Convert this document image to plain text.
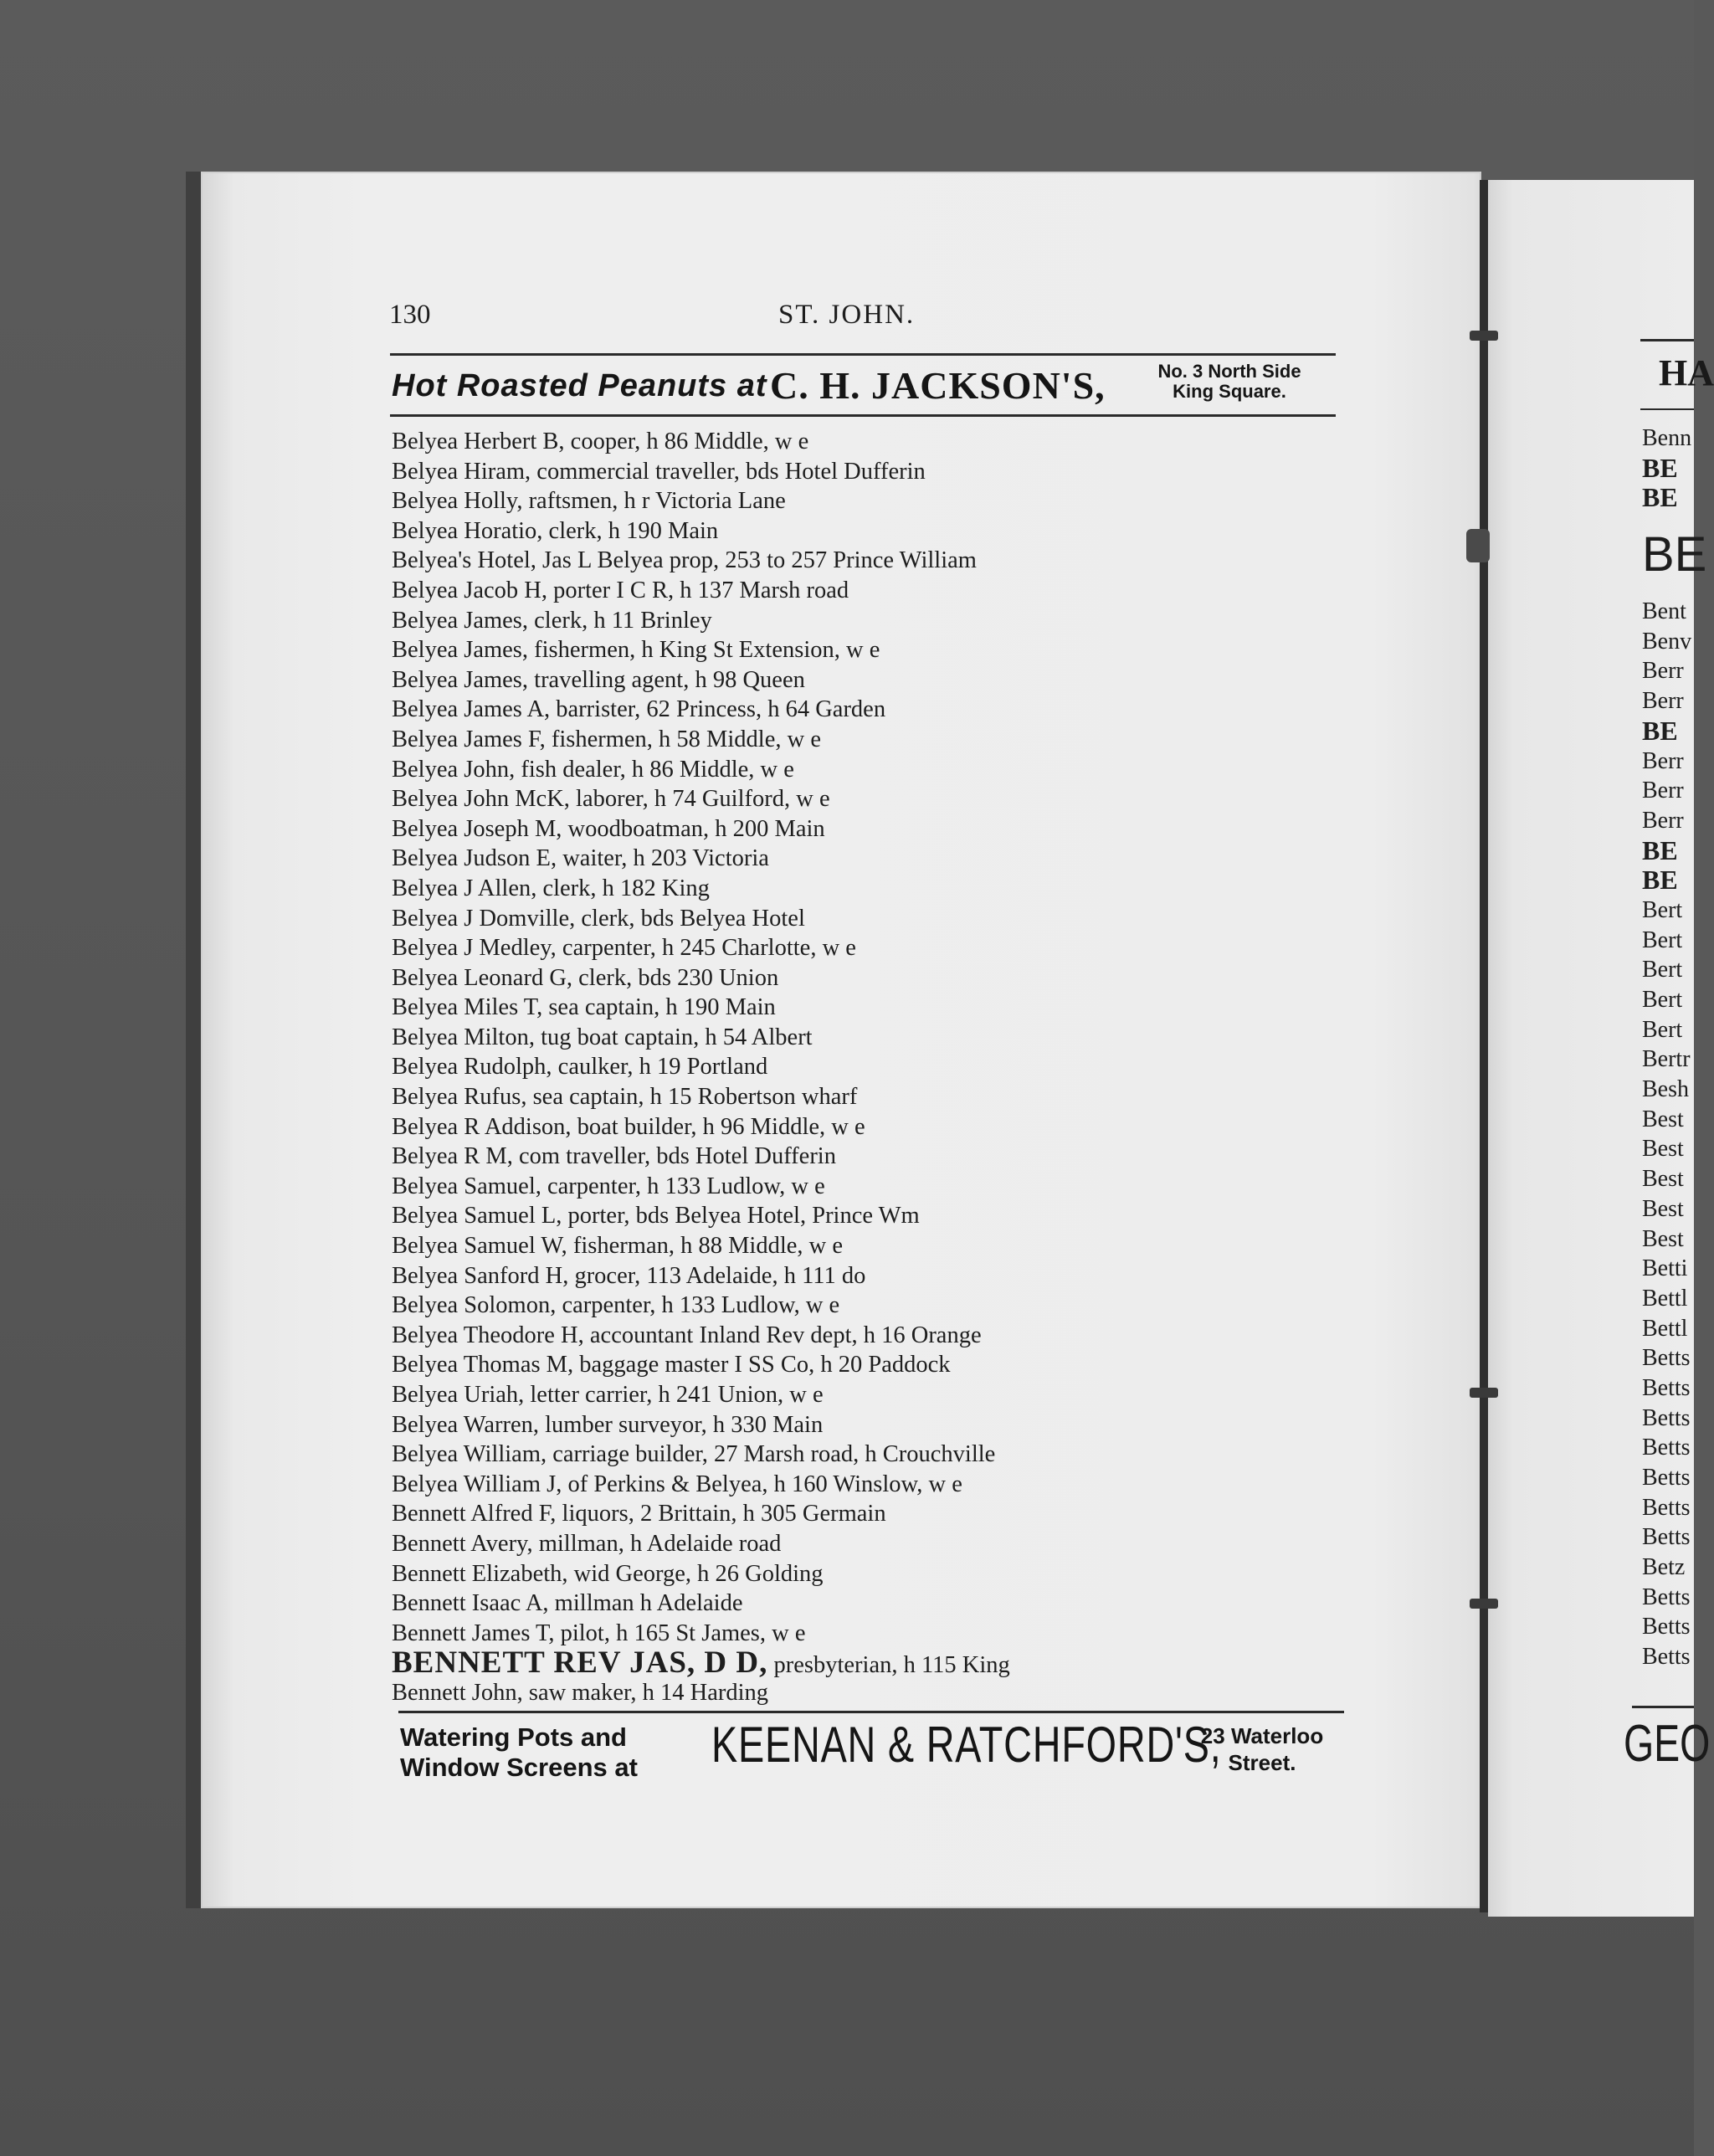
130	ST. JOHN.
Hot Roasted Peanuts at C. H. JACKSON'S,	No. 3 North Side
King Square.
Belyea Herbert B, cooper, h 86 Middle, w e
Belyea Hiram, commercial traveller, bds Hotel Dufferin
Belyea Holly, raftsmen, h r Victoria Lane
Belyea Horatio, clerk, h 190 Main
Belyea's Hotel, Jas L Belyea prop, 253 to 257 Prince William
Belyea Jacob H, porter I C R, h 137 Marsh road
Belyea James, clerk, h 11 Brinley
Belyea James, fishermen, h King St Extension, w e
Belyea James, travelling agent, h 98 Queen
Belyea James A, barrister, 62 Princess, h 64 Garden
Belyea James F, fishermen, h 58 Middle, w e
Belyea John, fish dealer, h 86 Middle, w e
Belyea John McK, laborer, h 74 Guilford, w e
Belyea Joseph M, woodboatman, h 200 Main
Belyea Judson E, waiter, h 203 Victoria
Belyea J Allen, clerk, h 182 King
Belyea J Domville, clerk, bds Belyea Hotel
Belyea J Medley, carpenter, h 245 Charlotte, w e
Belyea Leonard G, clerk, bds 230 Union
Belyea Miles T, sea captain, h 190 Main
Belyea Milton, tug boat captain, h 54 Albert
Belyea Rudolph, caulker, h 19 Portland
Belyea Rufus, sea captain, h 15 Robertson wharf
Belyea R Addison, boat builder, h 96 Middle, w e
Belyea R M, com traveller, bds Hotel Dufferin
Belyea Samuel, carpenter, h 133 Ludlow, w e
Belyea Samuel L, porter, bds Belyea Hotel, Prince Wm
Belyea Samuel W, fisherman, h 88 Middle, w e
Belyea Sanford H, grocer, 113 Adelaide, h 111 do
Belyea Solomon, carpenter, h 133 Ludlow, w e
Belyea Theodore H, accountant Inland Rev dept, h 16 Orange
Belyea Thomas M, baggage master I SS Co, h 20 Paddock
Belyea Uriah, letter carrier, h 241 Union, w e
Belyea Warren, lumber surveyor, h 330 Main
Belyea William, carriage builder, 27 Marsh road, h Crouchville
Belyea William J, of Perkins & Belyea, h 160 Winslow, w e
Bennett Alfred F, liquors, 2 Brittain, h 305 Germain
Bennett Avery, millman, h Adelaide road
Bennett Elizabeth, wid George, h 26 Golding
Bennett Isaac A, millman h Adelaide
Bennett James T, pilot, h 165 St James, w e
BENNETT REV JAS, D D, presbyterian, h 115 King
Bennett John, saw maker, h 14 Harding
Watering Pots and
Window Screens at KEENAN & RATCHFORD'S,
23 Waterloo
Street.
HA
Benn
BE
BE
BE
Bent
Benv
Berr
Berr
BE
Berr
Berr
Berr
BE
BE
Bert
Bert
Bert
Bert
Bert
Bertr
Besh
Best
Best
Best
Best
Best
Betti
Bettl
Bettl
Betts
Betts
Betts
Betts
Betts
Betts
Betts
Betz
Betts
Betts
Betts
GEO
